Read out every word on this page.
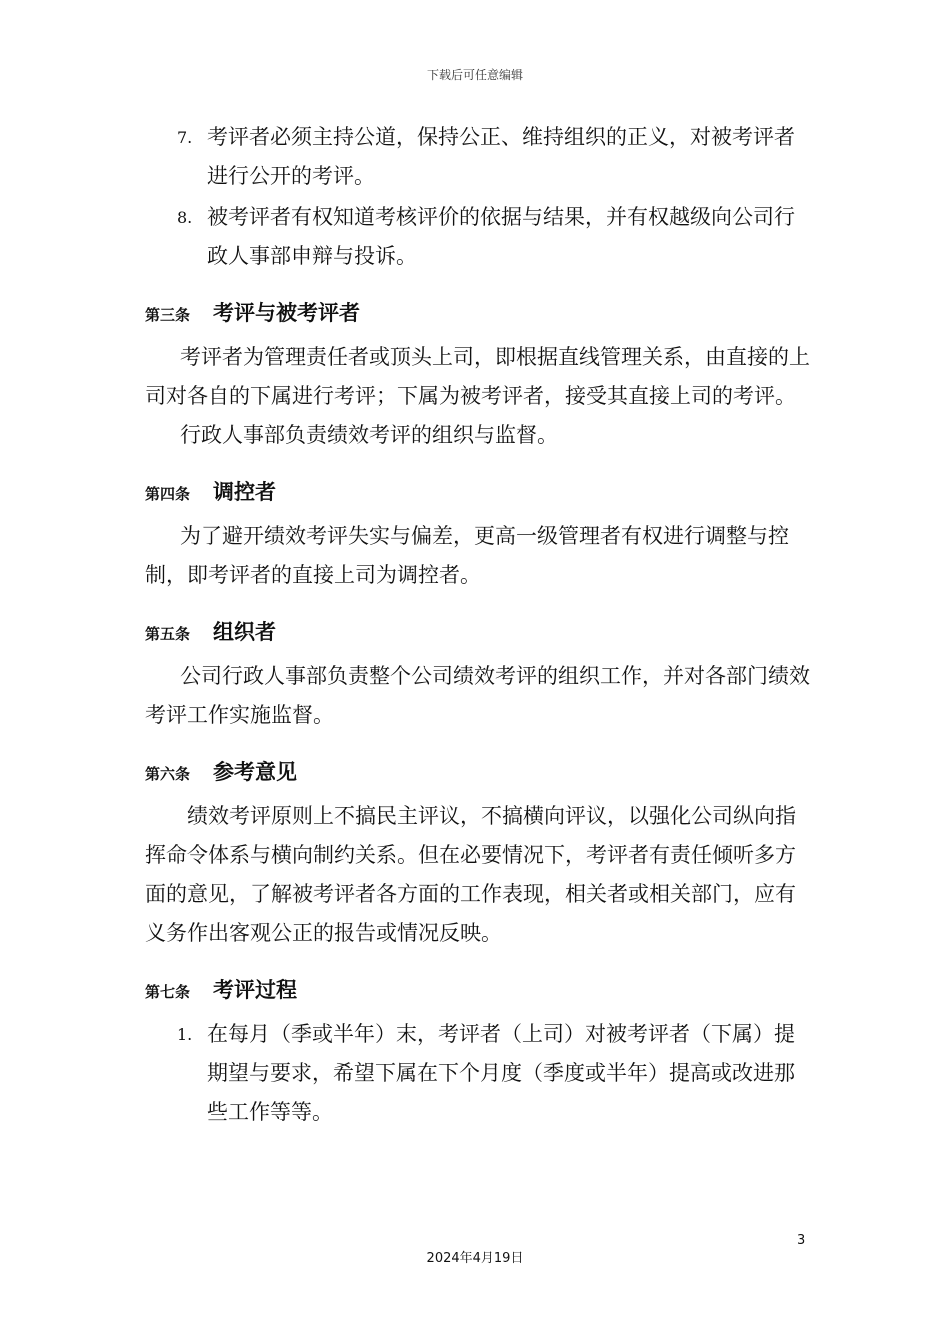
下载后可任意编辑
7. 考评者必须主持公道，保持公正、维持组织的正义，对被考评者进行公开的考评。
8. 被考评者有权知道考核评价的依据与结果，并有权越级向公司行政人事部申辩与投诉。
第三条	考评与被考评者

考评者为管理责任者或顶头上司，即根据直线管理关系，由直接的上司对各自的下属进行考评；下属为被考评者，接受其直接上司的考评。

行政人事部负责绩效考评的组织与监督。

第四条	调控者

为了避开绩效考评失实与偏差，更高一级管理者有权进行调整与控制，即考评者的直接上司为调控者。

第五条	组织者

公司行政人事部负责整个公司绩效考评的组织工作，并对各部门绩效考评工作实施监督。

第六条	参考意见

绩效考评原则上不搞民主评议，不搞横向评议，以强化公司纵向指挥命令体系与横向制约关系。但在必要情况下，考评者有责任倾听多方面的意见，了解被考评者各方面的工作表现，相关者或相关部门，应有义务作出客观公正的报告或情况反映。

第七条	考评过程
1. 在每月（季或半年）末，考评者（上司）对被考评者（下属）提期望与要求，希望下属在下个月度（季度或半年）提高或改进那些工作等等。
3
2024年4月19日
